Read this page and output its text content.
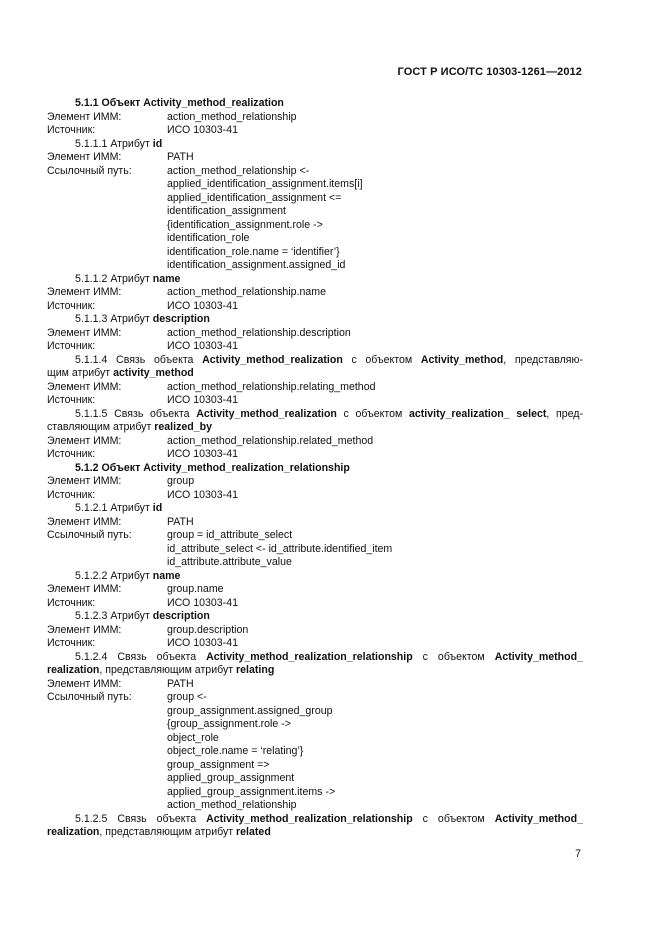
ГОСТ Р ИСО/ТС 10303-1261—2012
5.1.1 Объект Activity_method_realization
Элемент ИММ:	action_method_relationship
Источник:	ИСО 10303-41
5.1.1.1 Атрибут id
Элемент ИММ:	PATH
Ссылочный путь:	action_method_relationship <-
applied_identification_assignment.items[i]
applied_identification_assignment <=
identification_assignment
{identification_assignment.role ->
identification_role
identification_role.name = ‘identifier’}
identification_assignment.assigned_id
5.1.1.2 Атрибут name
Элемент ИММ:	action_method_relationship.name
Источник:	ИСО 10303-41
5.1.1.3 Атрибут description
Элемент ИММ:	action_method_relationship.description
Источник:	ИСО 10303-41
5.1.1.4 Связь объекта Activity_method_realization с объектом Activity_method, представляю-
щим атрибут activity_method
Элемент ИММ:	action_method_relationship.relating_method
Источник:	ИСО 10303-41
5.1.1.5 Связь объекта Activity_method_realization с объектом activity_realization_ select, пред-
ставляющим атрибут realized_by
Элемент ИММ:	action_method_relationship.related_method
Источник:	ИСО 10303-41
5.1.2 Объект Activity_method_realization_relationship
Элемент ИММ:	group
Источник:	ИСО 10303-41
5.1.2.1 Атрибут id
Элемент ИММ:	PATH
Ссылочный путь:	group = id_attribute_select
id_attribute_select <- id_attribute.identified_item
id_attribute.attribute_value
5.1.2.2 Атрибут name
Элемент ИММ:	group.name
Источник:	ИСО 10303-41
5.1.2.3 Атрибут description
Элемент ИММ:	group.description
Источник:	ИСО 10303-41
5.1.2.4 Связь объекта Activity_method_realization_relationship с объектом Activity_method_
realization, представляющим атрибут relating
Элемент ИММ:	PATH
Ссылочный путь:	group <-
group_assignment.assigned_group
{group_assignment.role ->
object_role
object_role.name = ‘relating’}
group_assignment =>
applied_group_assignment
applied_group_assignment.items ->
action_method_relationship
5.1.2.5 Связь объекта Activity_method_realization_relationship с объектом Activity_method_
realization, представляющим атрибут related
7
